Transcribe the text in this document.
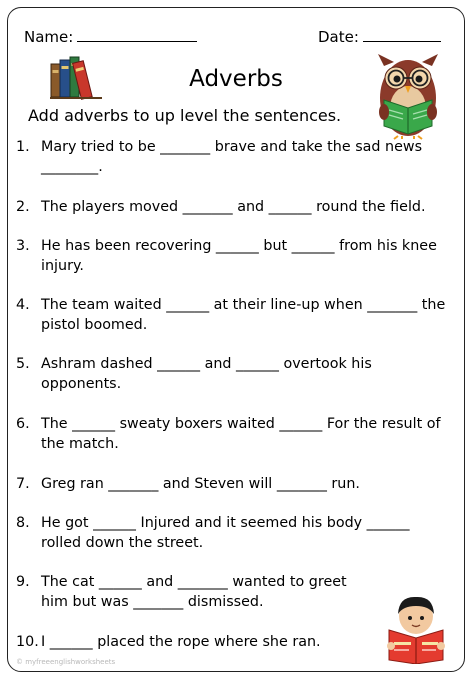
Name:	Date:
Adverbs
Add adverbs to up level the sentences.
1. Mary tried to be _______ brave and take the sad news ________.
2. The players moved _______ and ______ round the field.
3. He has been recovering ______ but ______ from his knee injury.
4. The team waited ______ at their line-up when _______ the pistol boomed.
5. Ashram dashed ______ and ______ overtook his opponents.
6. The ______ sweaty boxers waited ______ For the result of the match.
7. Greg ran _______ and Steven will _______ run.
8. He got ______ Injured and it seemed his body ______ rolled down the street.
9. The cat ______ and _______ wanted to greet him but was _______ dismissed.
10. I ______ placed the rope where she ran.
© myfreeenglishworksheets
